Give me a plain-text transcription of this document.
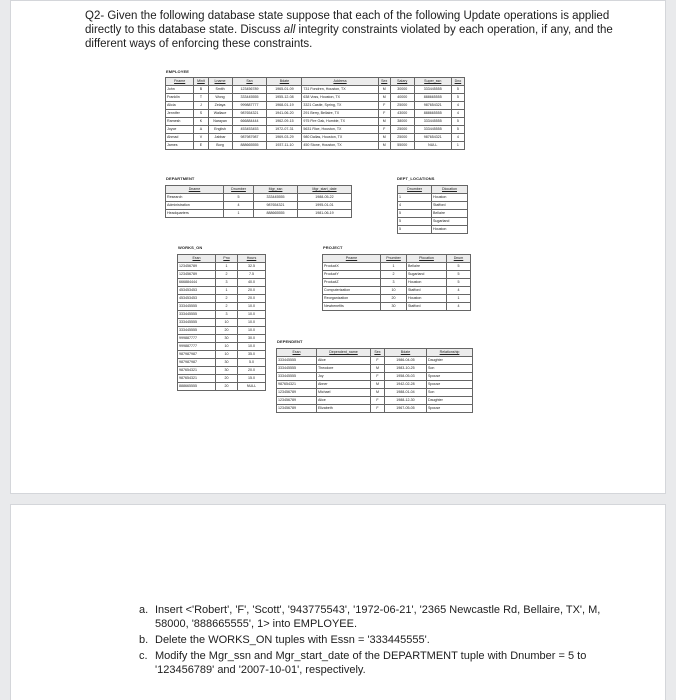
Q2- Given the following database state suppose that each of the following Update operations is applied directly to this database state. Discuss all integrity constraints violated by each operation, if any, and the different ways of enforcing these constraints.

EMPLOYEE
Fname	Minit	Lname	Ssn	Bdate	Address	Sex	Salary	Super_ssn	Dno
John	B	Smith	123456789	1965-01-09	731 Fondren, Houston, TX	M	30000	333445555	5
Franklin	T	Wong	333445555	1955-12-08	638 Voss, Houston, TX	M	40000	888665555	5
Alicia	J	Zelaya	999887777	1968-01-19	3321 Castle, Spring, TX	F	25000	987654321	4
Jennifer	S	Wallace	987654321	1941-06-20	291 Berry, Bellaire, TX	F	43000	888665555	4
Ramesh	K	Narayan	666884444	1962-09-15	975 Fire Oak, Humble, TX	M	38000	333445555	5
Joyce	A	English	453453453	1972-07-31	5631 Rice, Houston, TX	F	25000	333445555	5
Ahmad	V	Jabbar	987987987	1969-03-29	980 Dallas, Houston, TX	M	25000	987654321	4
James	E	Borg	888665555	1937-11-10	450 Stone, Houston, TX	M	55000	NULL	1
DEPARTMENT
Dname	Dnumber	Mgr_ssn	Mgr_start_date
Research	5	333445555	1988-05-22
Administration	4	987654321	1995-01-01
Headquarters	1	888665555	1981-06-19
DEPT_LOCATIONS
Dnumber	Dlocation
1	Houston
4	Stafford
5	Bellaire
5	Sugarland
5	Houston
WORKS_ON
Essn	Pno	Hours
123456789	1	32.5
123456789	2	7.5
666884444	3	40.0
453453453	1	20.0
453453453	2	20.0
333445555	2	10.0
333445555	3	10.0
333445555	10	10.0
333445555	20	10.0
999887777	30	30.0
999887777	10	10.0
987987987	10	35.0
987987987	30	5.0
987654321	30	20.0
987654321	20	15.0
888665555	20	NULL
PROJECT
Pname	Pnumber	Plocation	Dnum
ProductX	1	Bellaire	5
ProductY	2	Sugarland	5
ProductZ	3	Houston	5
Computerization	10	Stafford	4
Reorganization	20	Houston	1
Newbenefits	30	Stafford	4
DEPENDENT
Essn	Dependent_name	Sex	Bdate	Relationship
333445555	Alice	F	1986-04-05	Daughter
333445555	Theodore	M	1983-10-25	Son
333445555	Joy	F	1958-05-03	Spouse
987654321	Abner	M	1942-02-28	Spouse
123456789	Michael	M	1988-01-04	Son
123456789	Alice	F	1988-12-30	Daughter
123456789	Elizabeth	F	1967-05-05	Spouse
a. Insert <'Robert', 'F', 'Scott', '943775543', '1972-06-21', '2365 Newcastle Rd, Bellaire, TX', M, 58000, '888665555', 1> into EMPLOYEE.
b. Delete the WORKS_ON tuples with Essn = '333445555'.
c. Modify the Mgr_ssn and Mgr_start_date of the DEPARTMENT tuple with Dnumber = 5 to '123456789' and '2007-10-01', respectively.
